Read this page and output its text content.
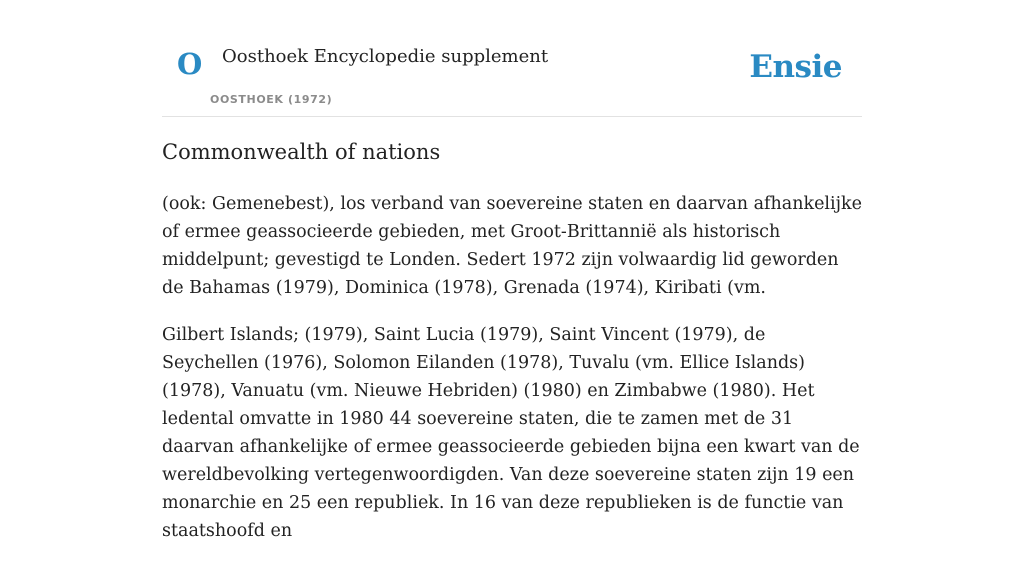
O Oosthoek Encyclopedie supplement
OOSTHOEK (1972)
Ensie
Commonwealth of nations

(ook: Gemenebest), los verband van soevereine staten en daarvan afhankelijke of ermee geassocieerde gebieden, met Groot-Brittannië als historisch middelpunt; gevestigd te Londen. Sedert 1972 zijn volwaardig lid geworden de Bahamas (1979), Dominica (1978), Grenada (1974), Kiribati (vm.

Gilbert Islands; (1979), Saint Lucia (1979), Saint Vincent (1979), de Seychellen (1976), Solomon Eilanden (1978), Tuvalu (vm. Ellice Islands) (1978), Vanuatu (vm. Nieuwe Hebriden) (1980) en Zimbabwe (1980). Het ledental omvatte in 1980 44 soevereine staten, die te zamen met de 31 daarvan afhankelijke of ermee geassocieerde gebieden bijna een kwart van de wereldbevolking vertegenwoordigden. Van deze soevereine staten zijn 19 een monarchie en 25 een republiek. In 16 van deze republieken is de functie van staatshoofd en
